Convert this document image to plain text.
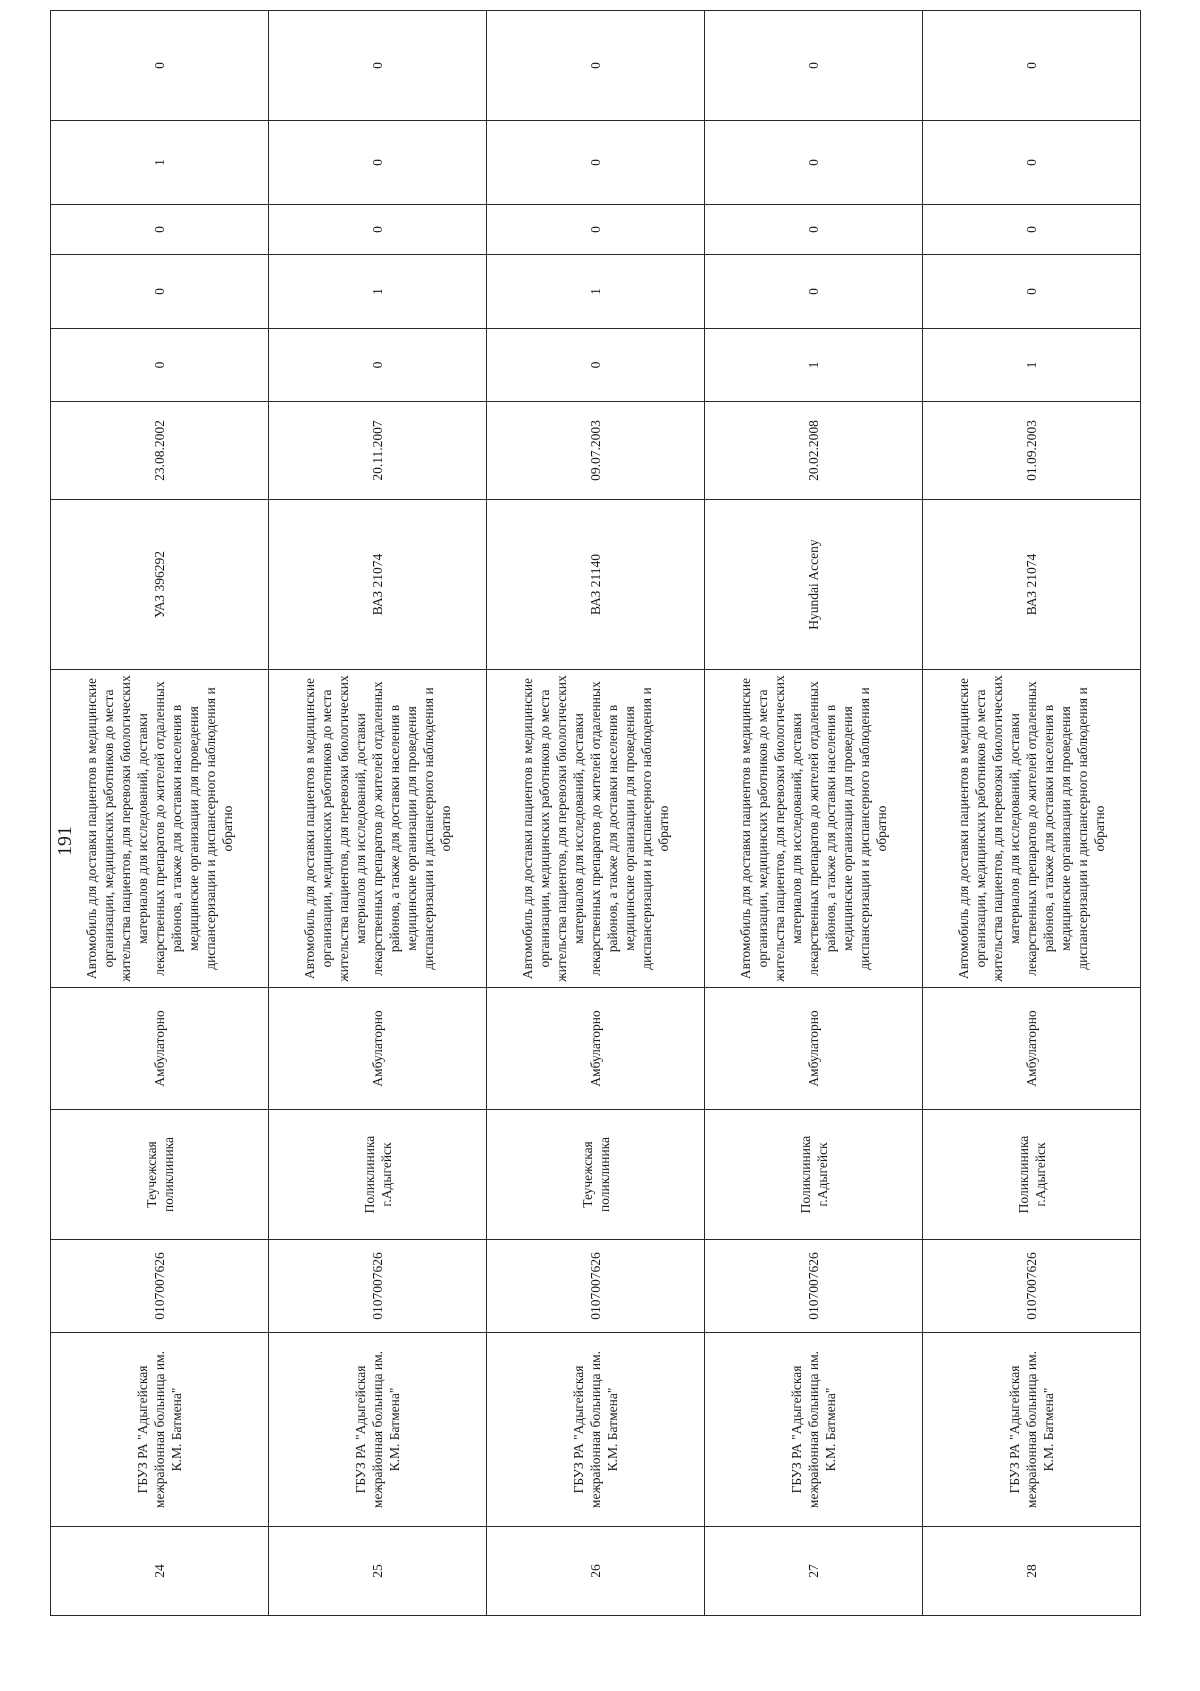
191
24	ГБУЗ РА "Адыгейская межрайонная больница им. К.М. Батмена"	0107007626	Теучежская поликлиника	Амбулаторно	Автомобиль для доставки пациентов в медицинские организации, медицинских работников до места жительства пациентов, для перевозки биологических материалов для исследований, доставки лекарственных препаратов до жителей отдаленных районов, а также для доставки населения в медицинские организации для проведения диспансеризации и диспансерного наблюдения и обратно	УАЗ 396292	23.08.2002	0	0	0	1	0
25	ГБУЗ РА "Адыгейская межрайонная больница им. К.М. Батмена"	0107007626	Поликлиника г.Адыгейск	Амбулаторно	Автомобиль для доставки пациентов в медицинские организации, медицинских работников до места жительства пациентов, для перевозки биологических материалов для исследований, доставки лекарственных препаратов до жителей отдаленных районов, а также для доставки населения в медицинские организации для проведения диспансеризации и диспансерного наблюдения и обратно	ВАЗ 21074	20.11.2007	0	1	0	0	0
26	ГБУЗ РА "Адыгейская межрайонная больница им. К.М. Батмена"	0107007626	Теучежская поликлиника	Амбулаторно	Автомобиль для доставки пациентов в медицинские организации, медицинских работников до места жительства пациентов, для перевозки биологических материалов для исследований, доставки лекарственных препаратов до жителей отдаленных районов, а также для доставки населения в медицинские организации для проведения диспансеризации и диспансерного наблюдения и обратно	ВАЗ 21140	09.07.2003	0	1	0	0	0
27	ГБУЗ РА "Адыгейская межрайонная больница им. К.М. Батмена"	0107007626	Поликлиника г.Адыгейск	Амбулаторно	Автомобиль для доставки пациентов в медицинские организации, медицинских работников до места жительства пациентов, для перевозки биологических материалов для исследований, доставки лекарственных препаратов до жителей отдаленных районов, а также для доставки населения в медицинские организации для проведения диспансеризации и диспансерного наблюдения и обратно	Hyundai Acceny	20.02.2008	1	0	0	0	0
28	ГБУЗ РА "Адыгейская межрайонная больница им. К.М. Батмена"	0107007626	Поликлиника г.Адыгейск	Амбулаторно	Автомобиль для доставки пациентов в медицинские организации, медицинских работников до места жительства пациентов, для перевозки биологических материалов для исследований, доставки лекарственных препаратов до жителей отдаленных районов, а также для доставки населения в медицинские организации для проведения диспансеризации и диспансерного наблюдения и обратно	ВАЗ 21074	01.09.2003	1	0	0	0	0
